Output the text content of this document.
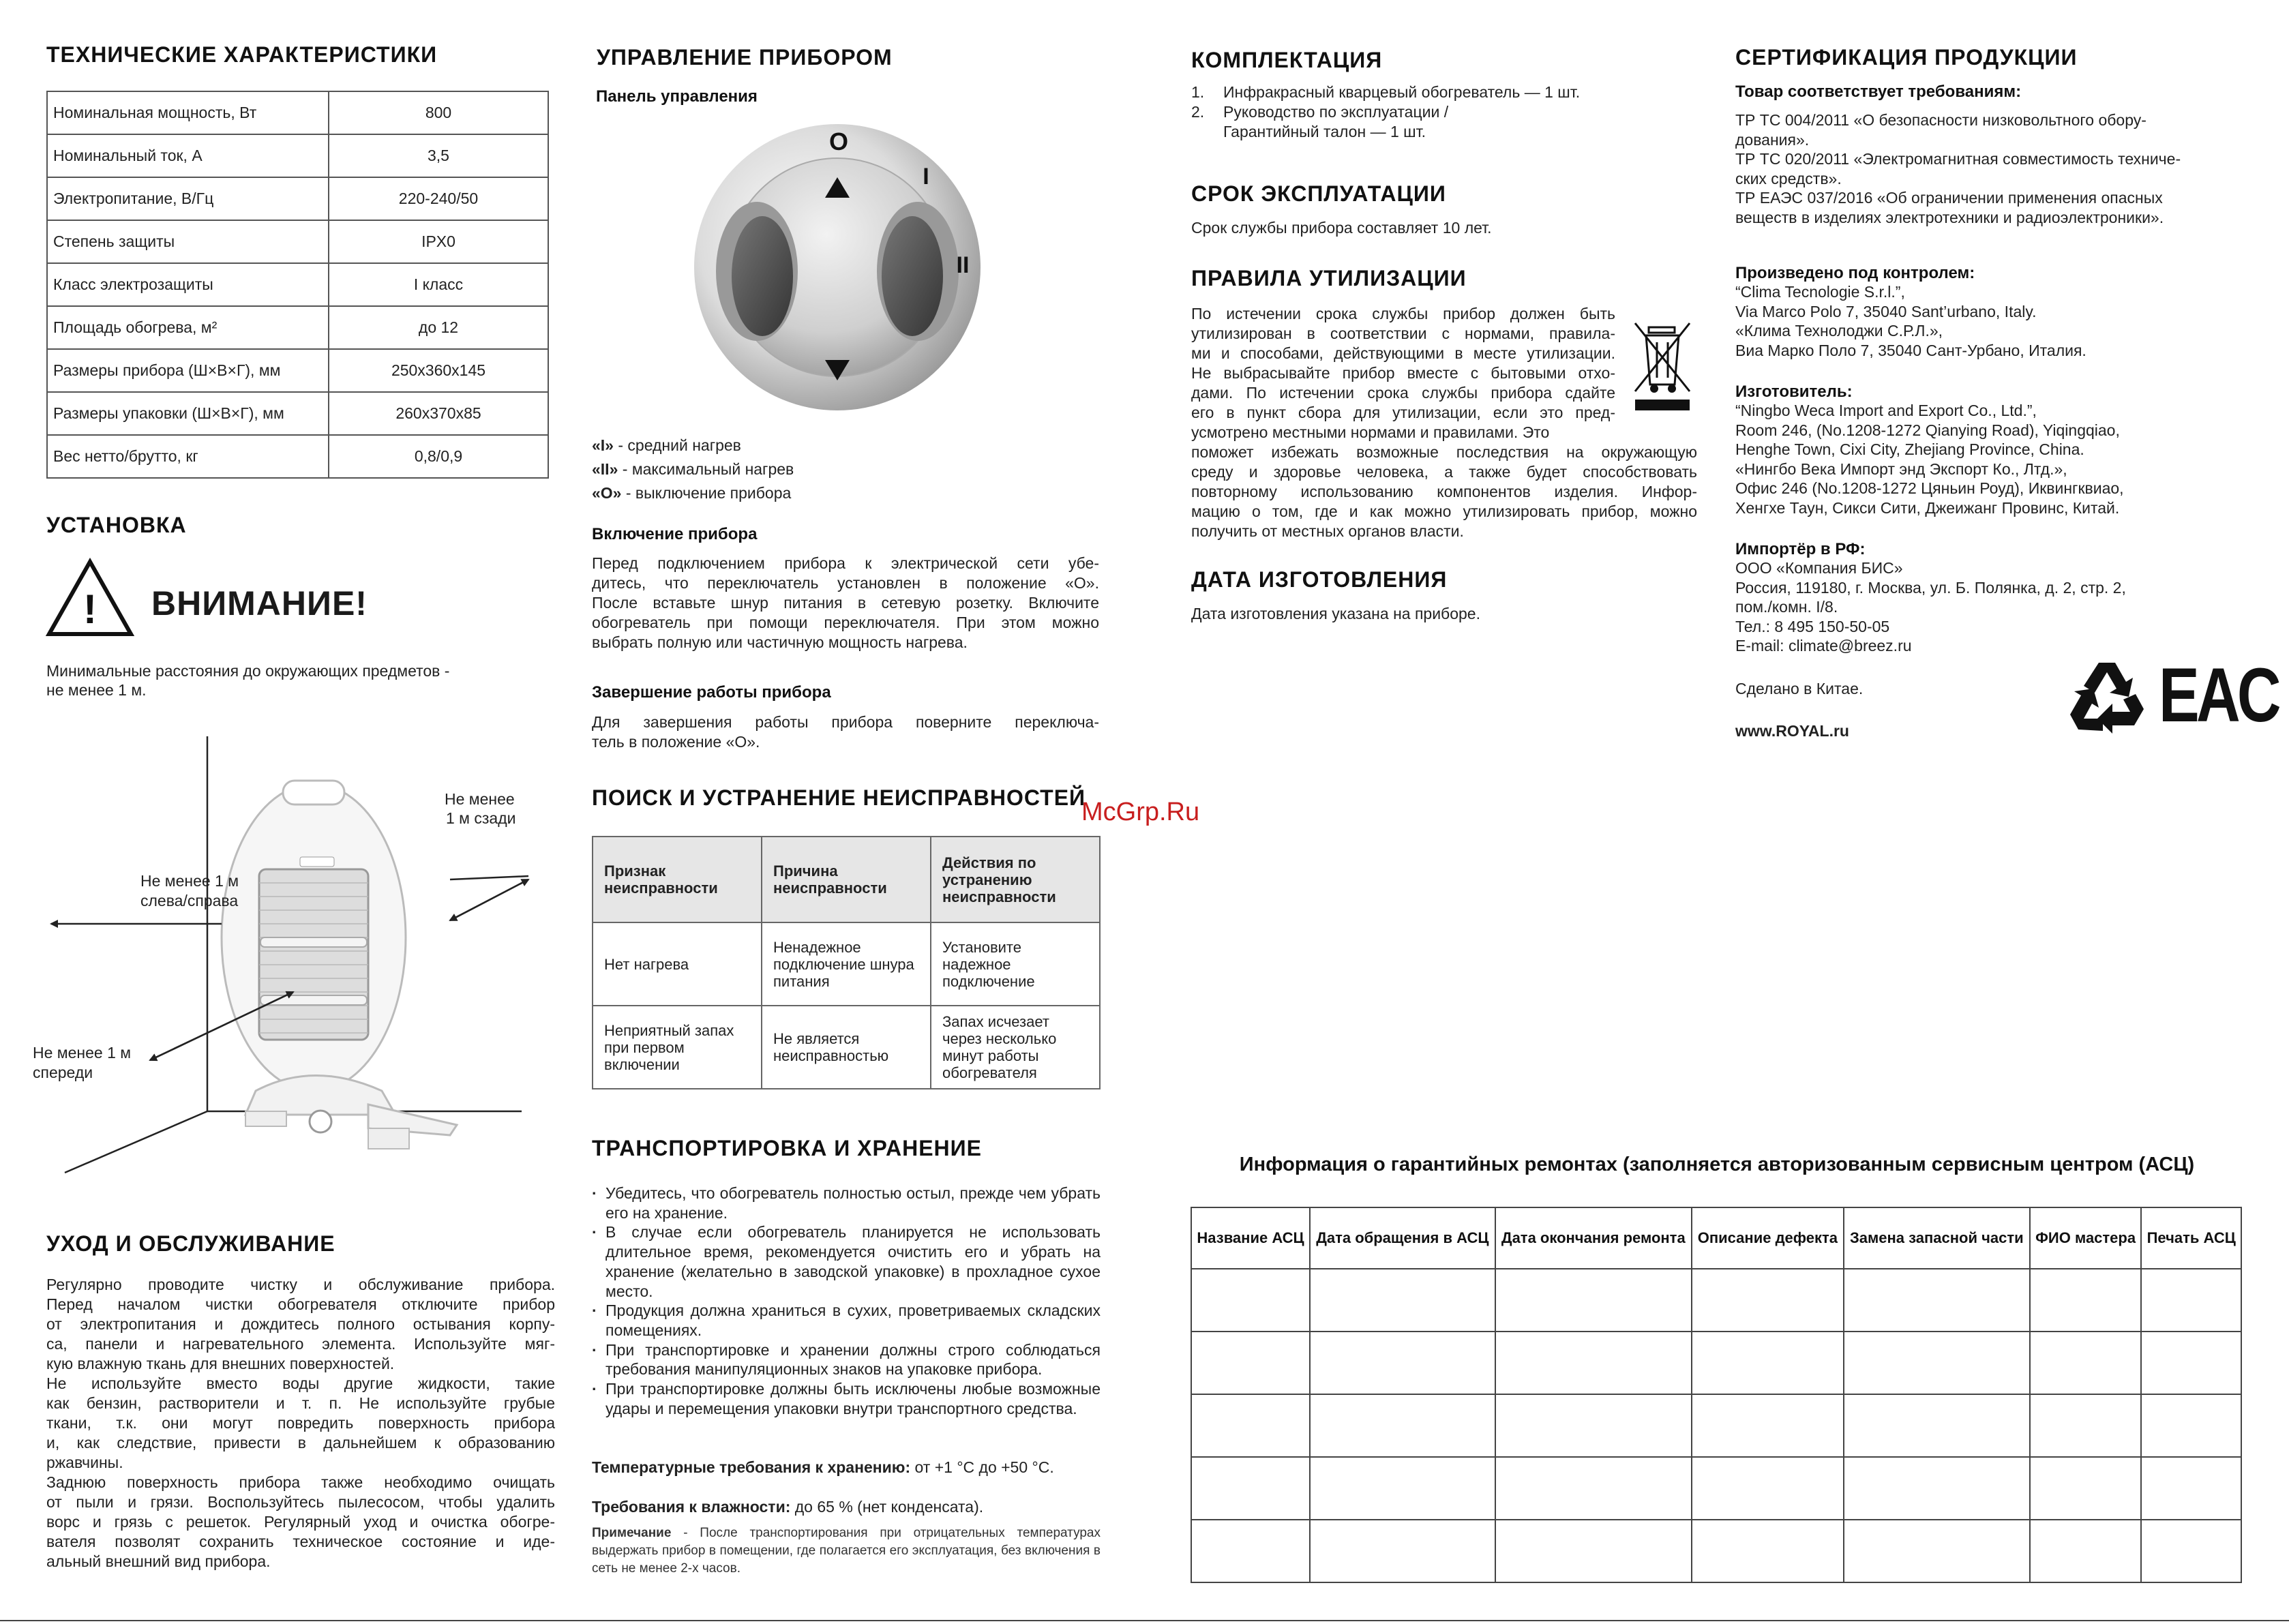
ТЕХНИЧЕСКИЕ ХАРАКТЕРИСТИКИ
Номинальная мощность, Вт	800
Номинальный ток, А	3,5
Электропитание, В/Гц	220-240/50
Степень защиты	IPX0
Класс электрозащиты	I класс
Площадь обогрева, м²	до 12
Размеры прибора (Ш×В×Г), мм	250х360х145
Размеры упаковки (Ш×В×Г), мм	260х370х85
Вес нетто/брутто, кг	0,8/0,9
УСТАНОВКА
! ВНИМАНИЕ!
Минимальные расстояния до окружающих предметов -
не менее 1 м.
Не менее
1 м сзади
Не менее 1 м
слева/справа
Не менее 1 м
спереди
УХОД И ОБСЛУЖИВАНИЕ
Регулярно проводите чистку и обслуживание прибора.
Перед началом чистки обогревателя отключите прибор
от электропитания и дождитесь полного остывания корпу-
са, панели и нагревательного элемента. Используйте мяг-
кую влажную ткань для внешних поверхностей.
Не используйте вместо воды другие жидкости, такие
как бензин, растворители и т. п. Не используйте грубые
ткани, т.к. они могут повредить поверхность прибора
и, как следствие, привести в дальнейшем к образованию
ржавчины.
Заднюю поверхность прибора также необходимо очищать
от пыли и грязи. Воспользуйтесь пылесосом, чтобы удалить
ворс и грязь с решеток. Регулярный уход и очистка обогре-
вателя позволят сохранить техническое состояние и иде-
альный внешний вид прибора.
УПРАВЛЕНИЕ ПРИБОРОМ
Панель управления
O
I
II
«I» - средний нагрев
«II» - максимальный нагрев
«O» - выключение прибора
Включение прибора
Перед подключением прибора к электрической сети убе-
дитесь, что переключатель установлен в положение «O».
После вставьте шнур питания в сетевую розетку. Включите
обогреватель при помощи переключателя. При этом можно
выбрать полную или частичную мощность нагрева.
Завершение работы прибора
Для завершения работы прибора поверните переключа-
тель в положение «O».
ПОИСК И УСТРАНЕНИЕ НЕИСПРАВНОСТЕЙ
McGrp.Ru
Признак неисправности	Причина неисправности	Действия по устранению неисправности
Нет нагрева	Ненадежное подключение шнура питания	Установите надежное подключение
Неприятный запах при первом включении	Не является неисправностью	Запах исчезает через несколько минут работы обогревателя
ТРАНСПОРТИРОВКА И ХРАНЕНИЕ
· Убедитесь, что обогреватель полностью остыл, прежде чем убрать его на хранение.
· В случае если обогреватель планируется не использовать длительное время, рекомендуется очистить его и убрать на хранение (желательно в заводской упаковке) в прохладное сухое место.
· Продукция должна храниться в сухих, проветриваемых складских помещениях.
· При транспортировке и хранении должны строго соблюдаться требования манипуляционных знаков на упаковке прибора.
· При транспортировке должны быть исключены любые возможные удары и перемещения упаковки внутри транспортного средства.
Температурные требования к хранению: от +1 °C до +50 °C.
Требования к влажности: до 65 % (нет конденсата).
Примечание - После транспортирования при отрицательных температурах выдержать прибор в помещении, где полагается его эксплуатация, без включения в сеть не менее 2-х часов.
КОМПЛЕКТАЦИЯ
1. Инфракрасный кварцевый обогреватель — 1 шт.
2. Руководство по эксплуатации /
Гарантийный талон — 1 шт.
СРОК ЭКСПЛУАТАЦИИ
Срок службы прибора составляет 10 лет.
ПРАВИЛА УТИЛИЗАЦИИ
По истечении срока службы прибор должен быть
утилизирован в соответствии с нормами, правила-
ми и способами, действующими в месте утилизации.
Не выбрасывайте прибор вместе с бытовыми отхо-
дами. По истечении срока службы прибора сдайте
его в пункт сбора для утилизации, если это пред-
усмотрено местными нормами и правилами. Это
поможет избежать возможные последствия на окружающую
среду и здоровье человека, а также будет способствовать
повторному использованию компонентов изделия. Инфор-
мацию о том, где и как можно утилизировать прибор, можно
получить от местных органов власти.
ДАТА ИЗГОТОВЛЕНИЯ
Дата изготовления указана на приборе.
СЕРТИФИКАЦИЯ ПРОДУКЦИИ
Товар соответствует требованиям:
ТР ТС 004/2011 «О безопасности низковольтного обору-
дования».
ТР ТС 020/2011 «Электромагнитная совместимость техниче-
ских средств».
ТР ЕАЭС 037/2016 «Об ограничении применения опасных
веществ в изделиях электротехники и радиоэлектроники».
Произведено под контролем:
“Clima Tecnologie S.r.l.”,
Via Marco Polo 7, 35040 Sant’urbano, Italy.
«Клима Технолоджи С.Р.Л.»,
Виа Марко Поло 7, 35040 Сант-Урбано, Италия.
Изготовитель:
“Ningbo Weca Import and Export Co., Ltd.”,
Room 246, (No.1208-1272 Qianying Road), Yiqingqiao,
Henghe Town, Cixi City, Zhejiang Province, China.
«Нингбо Века Импорт энд Экспорт Ко., Лтд.»,
Офис 246 (No.1208-1272 Цяньин Роуд), Иквингквиао,
Хенгхе Таун, Сикси Сити, Джеижанг Провинс, Китай.
Импортёр в РФ:
ООО «Компания БИС»
Россия, 119180, г. Москва, ул. Б. Полянка, д. 2, стр. 2,
пом./комн. I/8.
Тел.: 8 495 150-50-05
E-mail: climate@breez.ru
Сделано в Китае.
www.ROYAL.ru	EAC
Информация о гарантийных ремонтах (заполняется авторизованным сервисным центром (АСЦ)
Название АСЦ	Дата обращения в АСЦ	Дата окончания ремонта	Описание дефекта	Замена запасной части	ФИО мастера	Печать АСЦ
